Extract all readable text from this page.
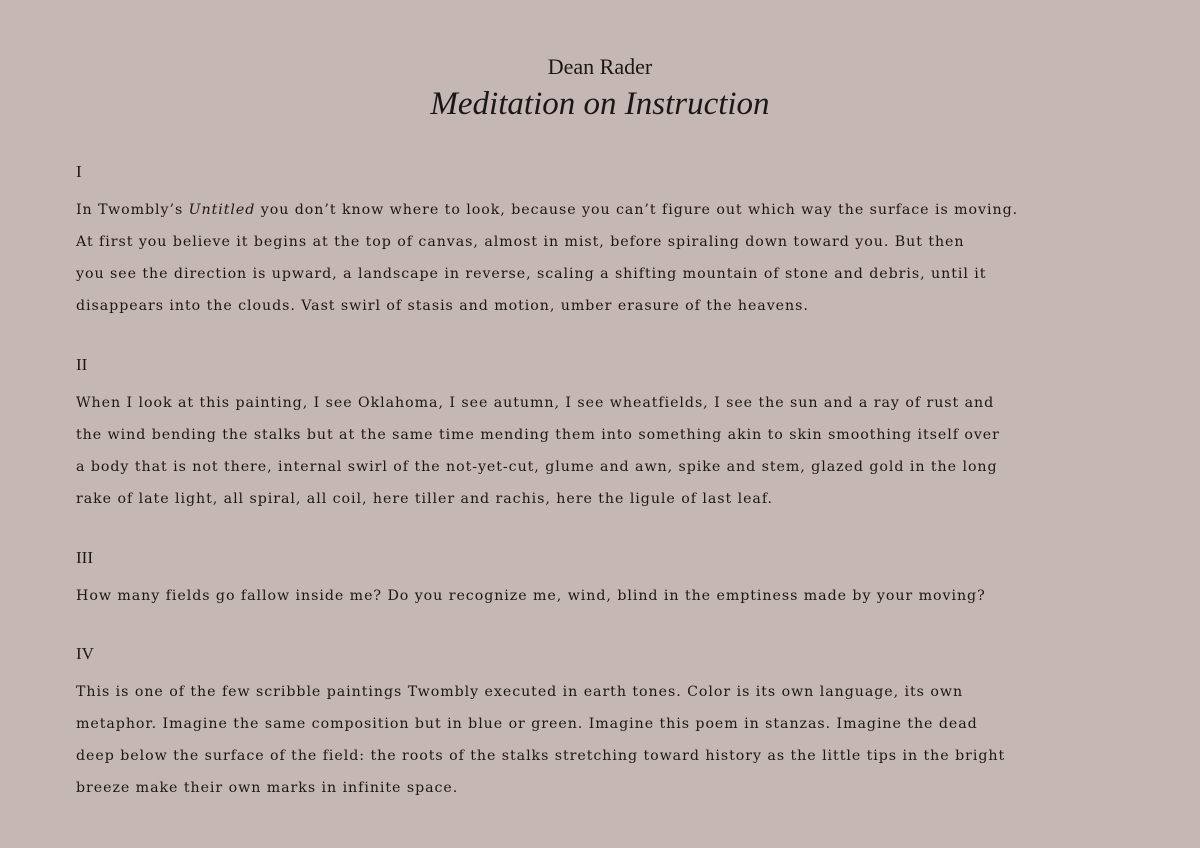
Dean Rader
Meditation on Instruction
I
In Twombly’s Untitled you don’t know where to look, because you can’t figure out which way the surface is moving.
At first you believe it begins at the top of canvas, almost in mist, before spiraling down toward you. But then
you see the direction is upward, a landscape in reverse, scaling a shifting mountain of stone and debris, until it
disappears into the clouds. Vast swirl of stasis and motion, umber erasure of the heavens.
II
When I look at this painting, I see Oklahoma, I see autumn, I see wheatfields, I see the sun and a ray of rust and
the wind bending the stalks but at the same time mending them into something akin to skin smoothing itself over
a body that is not there, internal swirl of the not-yet-cut, glume and awn, spike and stem, glazed gold in the long
rake of late light, all spiral, all coil, here tiller and rachis, here the ligule of last leaf.
III
How many fields go fallow inside me? Do you recognize me, wind, blind in the emptiness made by your moving?
IV
This is one of the few scribble paintings Twombly executed in earth tones. Color is its own language, its own
metaphor. Imagine the same composition but in blue or green. Imagine this poem in stanzas. Imagine the dead
deep below the surface of the field: the roots of the stalks stretching toward history as the little tips in the bright
breeze make their own marks in infinite space.
